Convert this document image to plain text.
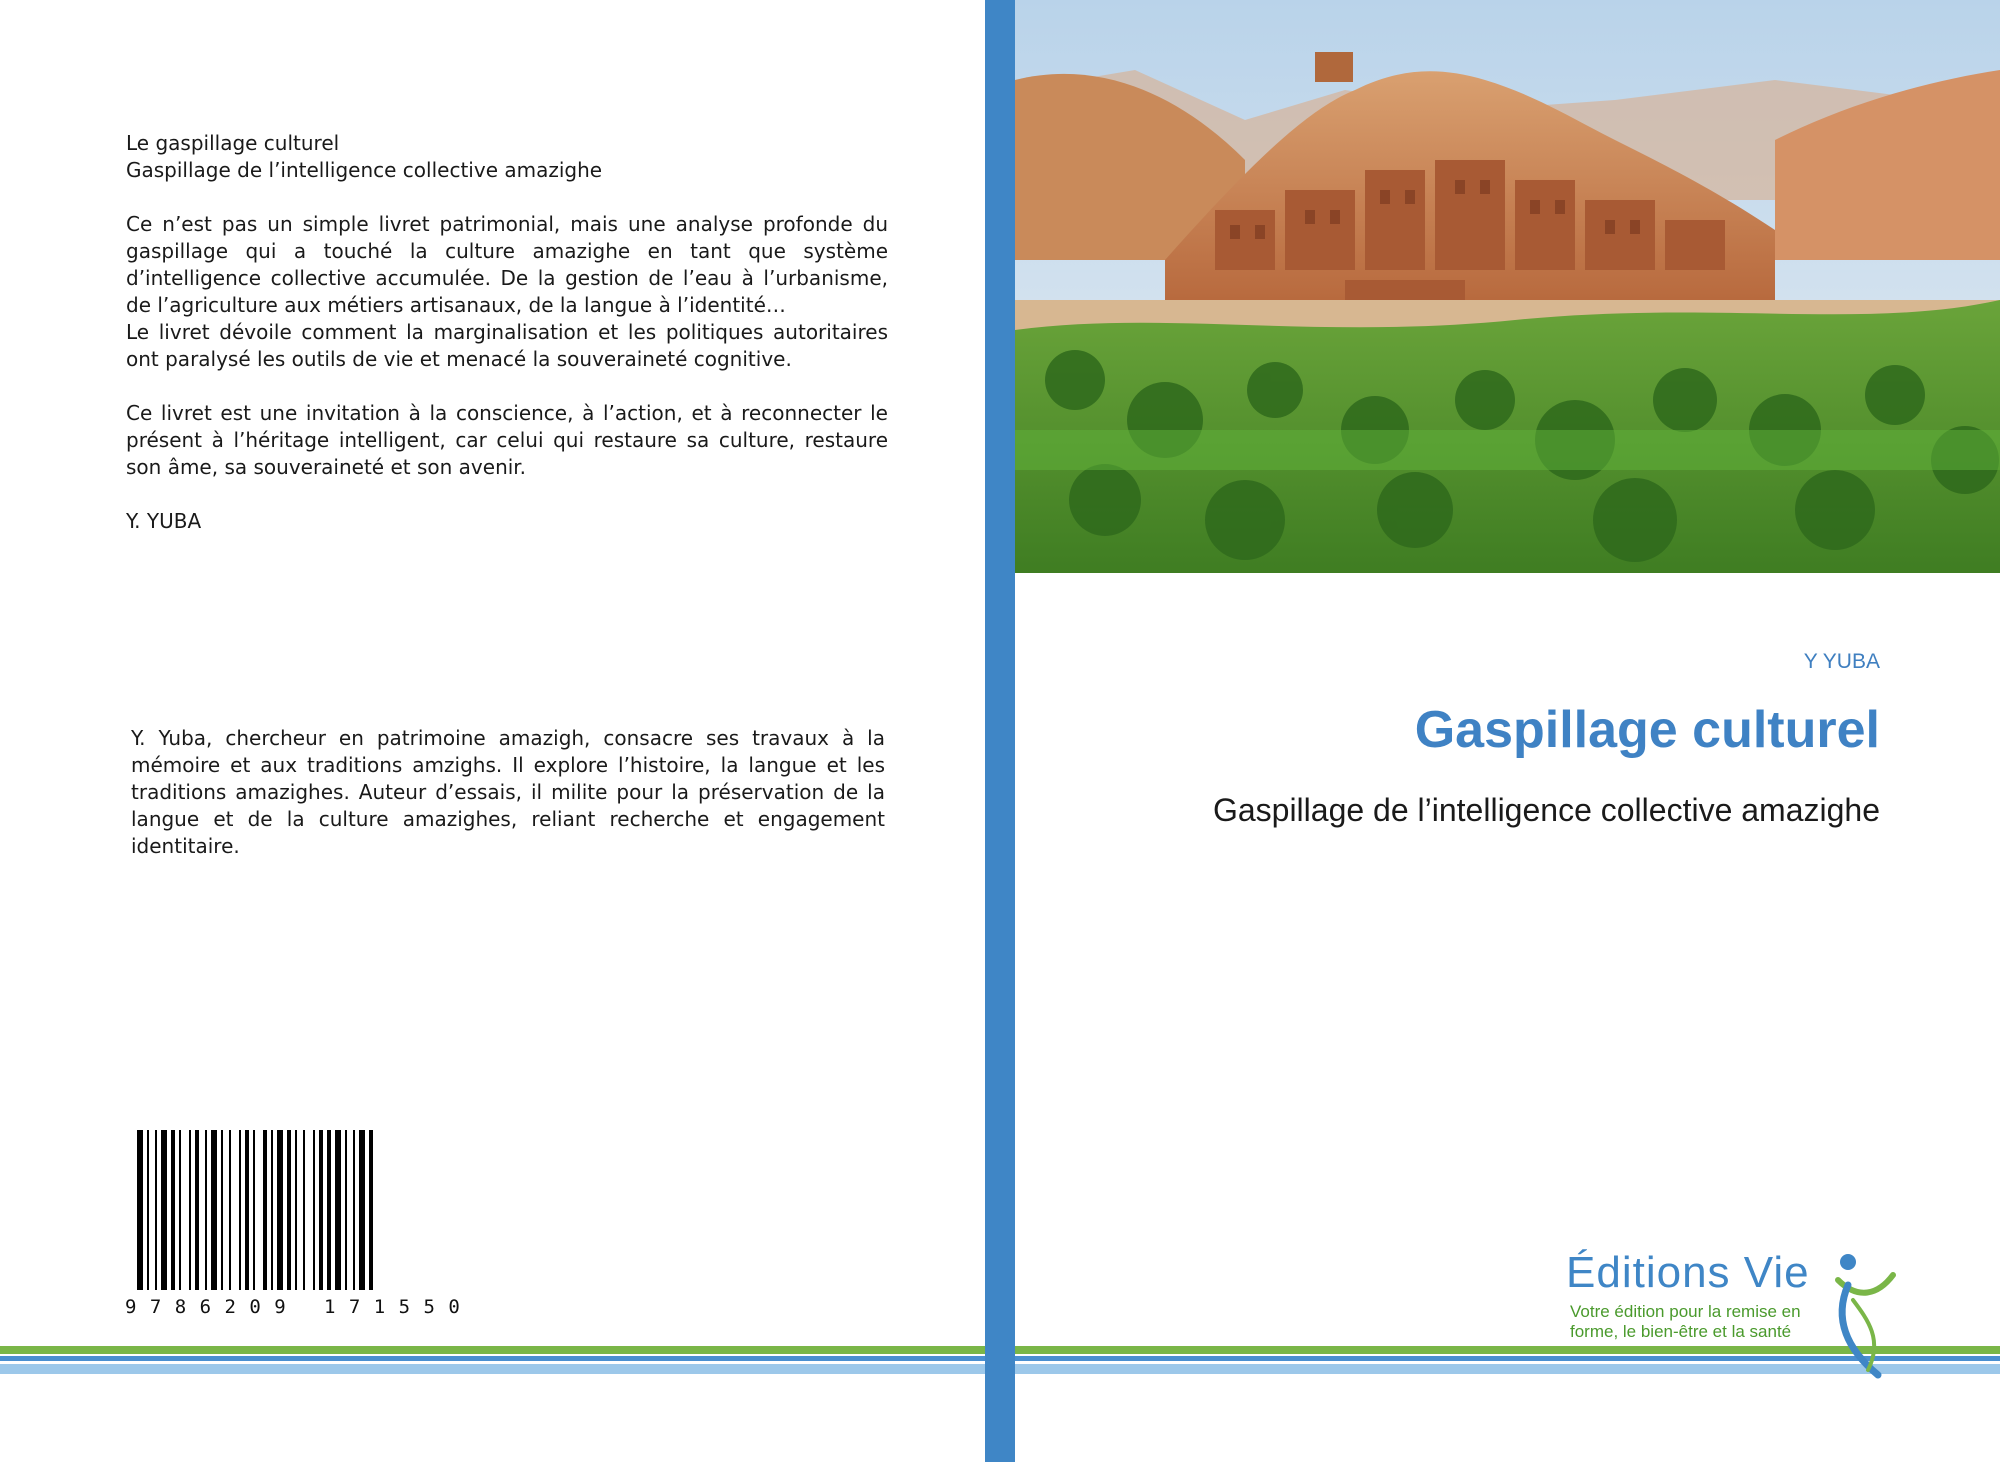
Le gaspillage culturel
Gaspillage de l’intelligence collective amazighe

Ce n’est pas un simple livret patrimonial, mais une analyse profonde du gaspillage qui a touché la culture amazighe en tant que système d’intelligence collective accumulée. De la gestion de l’eau à l’urbanisme, de l’agriculture aux métiers artisanaux, de la langue à l’identité…

Le livret dévoile comment la marginalisation et les politiques autoritaires ont paralysé les outils de vie et menacé la souveraineté cognitive.

Ce livret est une invitation à la conscience, à l’action, et à reconnecter le présent à l’héritage intelligent, car celui qui restaure sa culture, restaure son âme, sa souveraineté et son avenir.

Y. YUBA

Y. Yuba, chercheur en patrimoine amazigh, consacre ses travaux à la mémoire et aux traditions amzighs. Il explore l’histoire, la langue et les traditions amazighes. Auteur d’essais, il milite pour la préservation de la langue et de la culture amazighes, reliant recherche et engagement identitaire.
9 7 8 6 2 0 9   1 7 1 5 5 0
Y YUBA
Gaspillage culturel
Gaspillage de l’intelligence collective amazighe
Éditions Vie
Votre édition pour la remise en
forme, le bien-être et la santé
